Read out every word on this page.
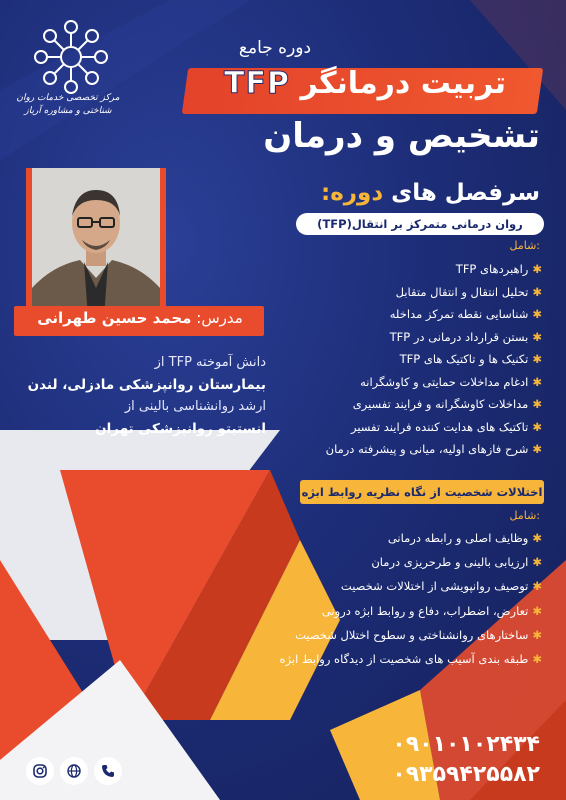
مرکز تخصصی خدمات روان شناختی و مشاوره آریاز
دوره جامع
تربیت درمانگر TFP
تشخیص و درمان
مدرس: محمد حسین طهرانی
دانش آموخته TFP از
بیمارستان روانپزشکی مادزلی، لندن
ارشد روانشناسی بالینی از
انستیتو روانپزشکی تهران
سرفصل های دوره:
روان درمانی متمرکز بر انتقال(TFP)
:شامل
✱راهبردهای TFP
✱تحلیل انتقال و انتقال متقابل
✱شناسایی نقطه تمرکز مداخله
✱بستن قرارداد درمانی در TFP
✱تکنیک ها و تاکتیک های TFP
✱ادغام مداخلات حمایتی و کاوشگرانه
✱مداخلات کاوشگرانه و فرایند تفسیری
✱تاکتیک های هدایت کننده فرایند تفسیر
✱شرح فازهای اولیه، میانی و پیشرفته درمان
اختلالات شخصیت از نگاه نظریه روابط ابژه
:شامل
✱وظایف اصلی و رابطه درمانی
✱ارزیابی بالینی و طرحریزی درمان
✱توصیف روانپویشی از اختلالات شخصیت
✱تعارض، اضطراب، دفاع و روابط ابژه درونی
✱ساختارهای روانشناختی و سطوح اختلال شخصیت
✱طبقه بندی آسیب های شخصیت از دیدگاه روابط ابژه
۰۹۰۱۰۱۰۲۴۳۴
۰۹۳۵۹۴۲۵۵۸۲
